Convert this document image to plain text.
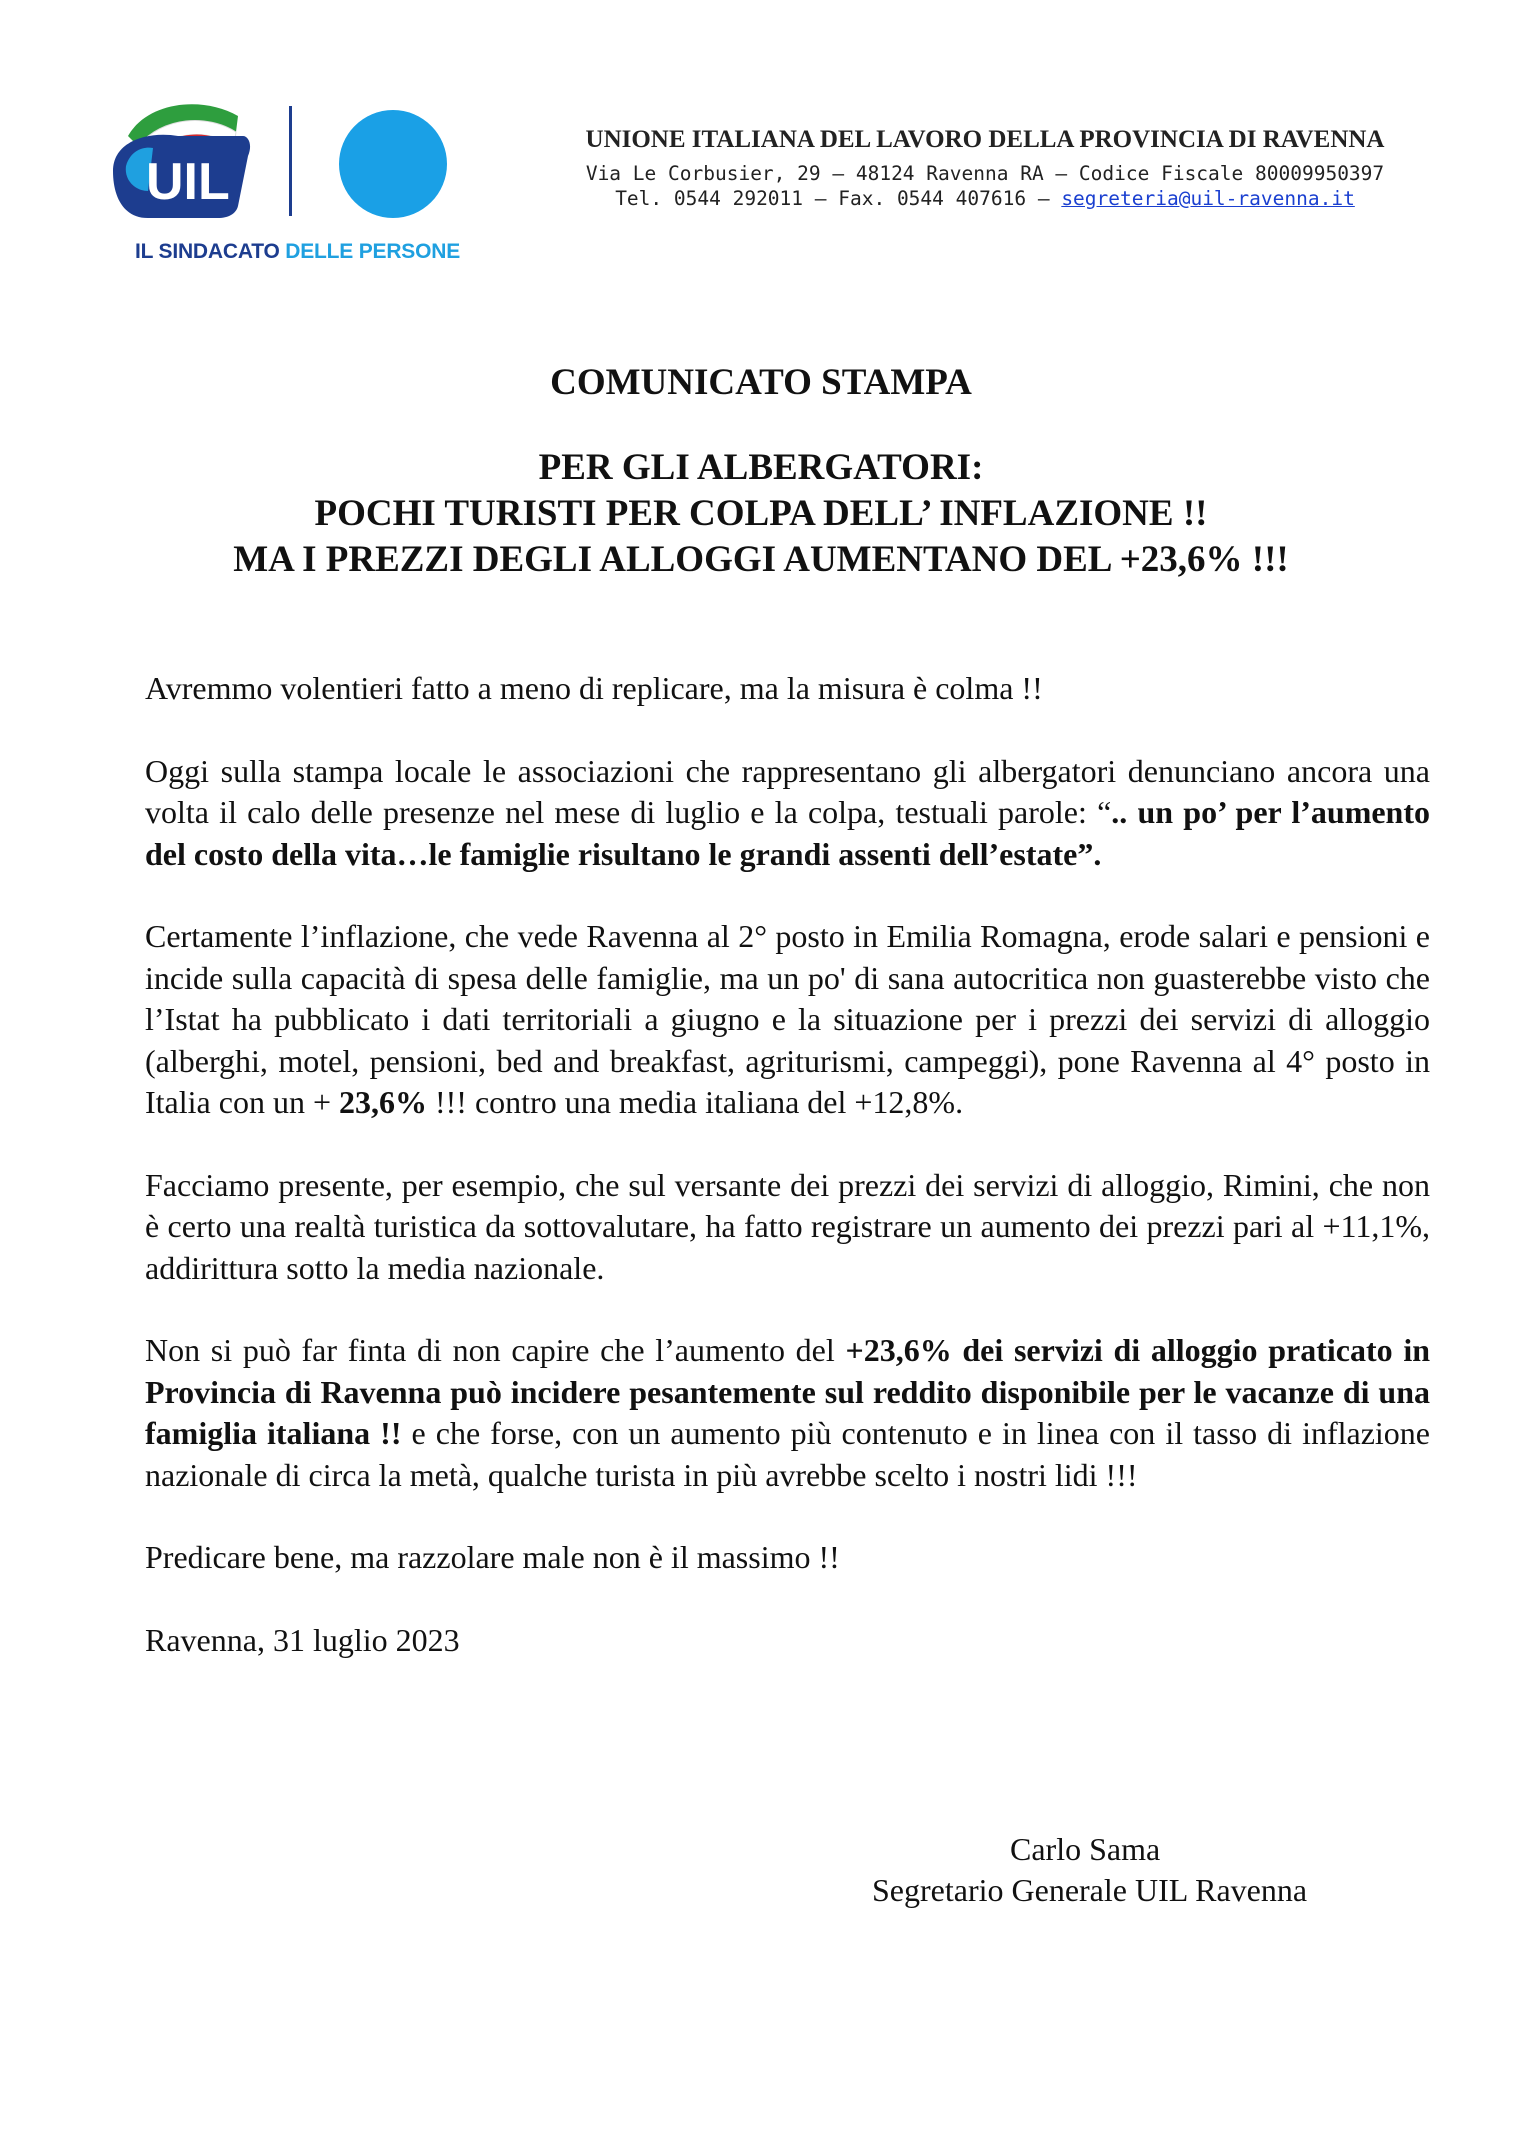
UIL
IL SINDACATO DELLE PERSONE
UNIONE ITALIANA DEL LAVORO DELLA PROVINCIA DI RAVENNA
Via Le Corbusier, 29 – 48124 Ravenna RA – Codice Fiscale 80009950397
Tel. 0544 292011 – Fax. 0544 407616 – segreteria@uil-ravenna.it
COMUNICATO STAMPA
PER GLI ALBERGATORI:
POCHI TURISTI PER COLPA DELL’ INFLAZIONE !!
MA I PREZZI DEGLI ALLOGGI AUMENTANO DEL +23,6% !!!

Avremmo volentieri fatto a meno di replicare, ma la misura è colma !!

Oggi sulla stampa locale le associazioni che rappresentano gli albergatori denunciano ancora una volta il calo delle presenze nel mese di luglio e la colpa, testuali parole: “.. un po’ per l’aumento del costo della vita…le famiglie risultano le grandi assenti dell’estate”.

Certamente l’inflazione, che vede Ravenna al 2° posto in Emilia Romagna, erode salari e pensioni e incide sulla capacità di spesa delle famiglie, ma un po' di sana autocritica non guasterebbe visto che l’Istat ha pubblicato i dati territoriali a giugno e la situazione per i prezzi dei servizi di alloggio (alberghi, motel, pensioni, bed and breakfast, agriturismi, campeggi), pone Ravenna al 4° posto in Italia con un + 23,6% !!! contro una media italiana del +12,8%.

Facciamo presente, per esempio, che sul versante dei prezzi dei servizi di alloggio, Rimini, che non è certo una realtà turistica da sottovalutare, ha fatto registrare un aumento dei prezzi pari al +11,1%, addirittura sotto la media nazionale.

Non si può far finta di non capire che l’aumento del +23,6% dei servizi di alloggio praticato in Provincia di Ravenna può incidere pesantemente sul reddito disponibile per le vacanze di una famiglia italiana !! e che forse, con un aumento più contenuto e in linea con il tasso di inflazione nazionale di circa la metà, qualche turista in più avrebbe scelto i nostri lidi !!!

Predicare bene, ma razzolare male non è il massimo !!

Ravenna, 31 luglio 2023

Carlo Sama
Segretario Generale UIL Ravenna
